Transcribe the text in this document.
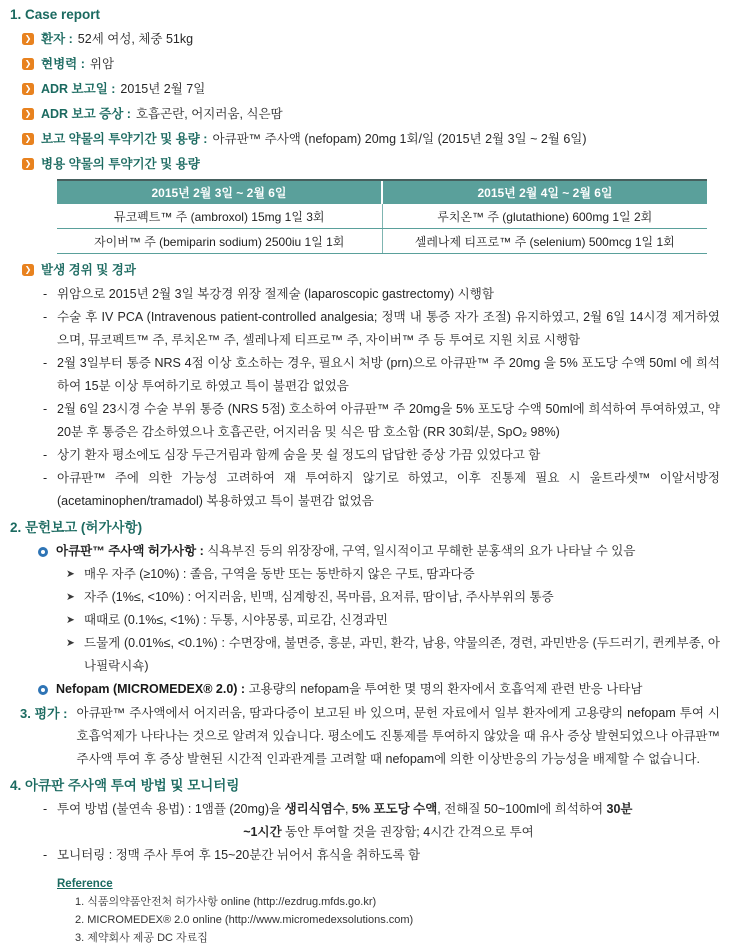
1. Case report
❯ 환자 : 52세 여성, 체중 51kg
❯ 현병력 : 위암
❯ ADR 보고일 : 2015년 2월 7일
❯ ADR 보고 증상 : 호흡곤란, 어지러움, 식은땀
❯ 보고 약물의 투약기간 및 용량 : 아큐판™ 주사액 (nefopam) 20mg 1회/일 (2015년 2월 3일 ~ 2월 6일)
❯ 병용 약물의 투약기간 및 용량
2015년 2월 3일 ~ 2월 6일	2015년 2월 4일 ~ 2월 6일
뮤코펙트™ 주 (ambroxol) 15mg 1일 3회	루치온™ 주 (glutathione) 600mg 1일 2회
자이버™ 주 (bemiparin sodium) 2500iu 1일 1회	셀레나제 티프로™ 주 (selenium) 500mcg 1일 1회
❯ 발생 경위 및 경과
- 위암으로 2015년 2월 3일 복강경 위장 절제술 (laparoscopic gastrectomy) 시행함
- 수술 후 IV PCA (Intravenous patient-controlled analgesia; 정맥 내 통증 자가 조절) 유지하였고, 2월 6일 14시경 제거하였으며, 뮤코펙트™ 주, 루치온™ 주, 셀레나제 티프로™ 주, 자이버™ 주 등 투여로 지원 치료 시행함
- 2월 3일부터 통증 NRS 4점 이상 호소하는 경우, 필요시 처방 (prn)으로 아큐판™ 주 20mg 을 5% 포도당 수액 50ml 에 희석하여 15분 이상 투여하기로 하였고 특이 불편감 없었음
- 2월 6일 23시경 수술 부위 통증 (NRS 5점) 호소하여 아큐판™ 주 20mg을 5% 포도당 수액 50ml에 희석하여 투여하였고, 약 20분 후 통증은 감소하였으나 호흡곤란, 어지러움 및 식은 땀 호소함 (RR 30회/분, SpO₂ 98%)
- 상기 환자 평소에도 심장 두근거림과 함께 숨을 못 쉴 정도의 답답한 증상 가끔 있었다고 함
- 아큐판™ 주에 의한 가능성 고려하여 재 투여하지 않기로 하였고, 이후 진통제 필요 시 울트라셋™ 이알서방정 (acetaminophen/tramadol) 복용하였고 특이 불편감 없었음
2. 문헌보고 (허가사항)
아큐판™ 주사액 허가사항 : 식욕부진 등의 위장장애, 구역, 일시적이고 무해한 분홍색의 요가 나타날 수 있음
➤ 매우 자주 (≥10%) : 졸음, 구역을 동반 또는 동반하지 않은 구토, 땀과다증
➤ 자주 (1%≤, <10%) : 어지러움, 빈맥, 심계항진, 목마름, 요저류, 땀이남, 주사부위의 통증
➤ 때때로 (0.1%≤, <1%) : 두통, 시야몽롱, 피로감, 신경과민
➤ 드물게 (0.01%≤, <0.1%) : 수면장애, 불면증, 흥분, 과민, 환각, 남용, 약물의존, 경련, 과민반응 (두드러기, 퀸케부종, 아나필락시쇽)
Nefopam (MICROMEDEX® 2.0) : 고용량의 nefopam을 투여한 몇 명의 환자에서 호흡억제 관련 반응 나타남
3. 평가 : 아큐판™ 주사액에서 어지러움, 땀과다증이 보고된 바 있으며, 문헌 자료에서 일부 환자에게 고용량의 nefopam 투여 시 호흡억제가 나타나는 것으로 알려져 있습니다. 평소에도 진통제를 투여하지 않았을 때 유사 증상 발현되었으나 아큐판™ 주사액 투여 후 증상 발현된 시간적 인과관계를 고려할 때 nefopam에 의한 이상반응의 가능성을 배제할 수 없습니다.
4. 아큐판 주사액 투여 방법 및 모니터링
- 투여 방법 (불연속 용법) : 1앰플 (20mg)을 생리식염수, 5% 포도당 수액, 전해질 50~100ml에 희석하여 30분
~1시간 동안 투여할 것을 권장함; 4시간 간격으로 투여
- 모니터링 : 정맥 주사 투여 후 15~20분간 뉘어서 휴식을 취하도록 함
Reference
1. 식품의약품안전처 허가사항 online (http://ezdrug.mfds.go.kr)
2. MICROMEDEX® 2.0 online (http://www.micromedexsolutions.com)
3. 제약회사 제공 DC 자료집
